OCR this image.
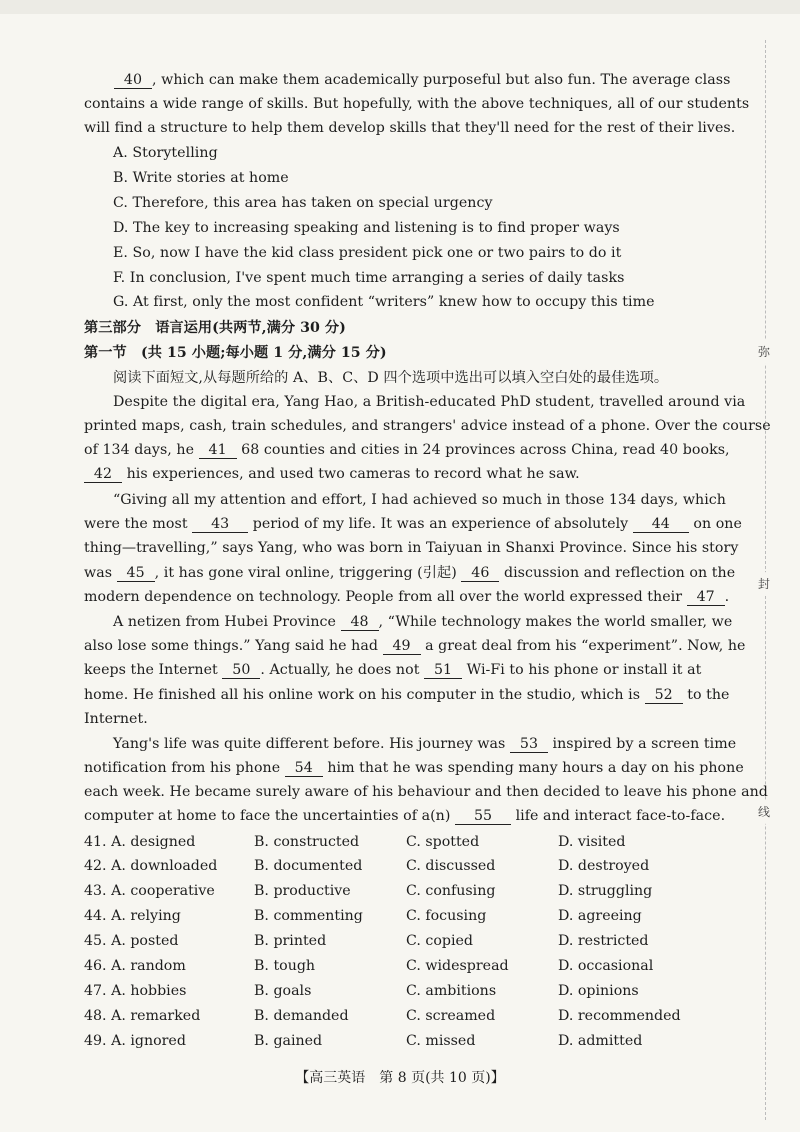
弥
封
线
40 , which can make them academically purposeful but also fun. The average class
contains a wide range of skills. But hopefully, with the above techniques, all of our students
will find a structure to help them develop skills that they'll need for the rest of their lives.
A. Storytelling
B. Write stories at home
C. Therefore, this area has taken on special urgency
D. The key to increasing speaking and listening is to find proper ways
E. So, now I have the kid class president pick one or two pairs to do it
F. In conclusion, I've spent much time arranging a series of daily tasks
G. At first, only the most confident “writers” knew how to occupy this time
第三部分　语言运用(共两节,满分 30 分)
第一节　(共 15 小题;每小题 1 分,满分 15 分)
阅读下面短文,从每题所给的 A、B、C、D 四个选项中选出可以填入空白处的最佳选项。
Despite the digital era, Yang Hao, a British-educated PhD student, travelled around via
printed maps, cash, train schedules, and strangers' advice instead of a phone. Over the course
of 134 days, he 41 68 counties and cities in 24 provinces across China, read 40 books,
42 his experiences, and used two cameras to record what he saw.
“Giving all my attention and effort, I had achieved so much in those 134 days, which
were the most 43 period of my life. It was an experience of absolutely 44 on one
thing—travelling,” says Yang, who was born in Taiyuan in Shanxi Province. Since his story
was 45 , it has gone viral online, triggering (引起) 46 discussion and reflection on the
modern dependence on technology. People from all over the world expressed their 47 .
A netizen from Hubei Province 48 , “While technology makes the world smaller, we
also lose some things.” Yang said he had 49 a great deal from his “experiment”. Now, he
keeps the Internet 50 . Actually, he does not 51 Wi-Fi to his phone or install it at
home. He finished all his online work on his computer in the studio, which is 52 to the
Internet.
Yang's life was quite different before. His journey was 53 inspired by a screen time
notification from his phone 54 him that he was spending many hours a day on his phone
each week. He became surely aware of his behaviour and then decided to leave his phone and
computer at home to face the uncertainties of a(n) 55 life and interact face-to-face.
41. A. designed	B. constructed	C. spotted	D. visited
42. A. downloaded	B. documented	C. discussed	D. destroyed
43. A. cooperative	B. productive	C. confusing	D. struggling
44. A. relying	B. commenting	C. focusing	D. agreeing
45. A. posted	B. printed	C. copied	D. restricted
46. A. random	B. tough	C. widespread	D. occasional
47. A. hobbies	B. goals	C. ambitions	D. opinions
48. A. remarked	B. demanded	C. screamed	D. recommended
49. A. ignored	B. gained	C. missed	D. admitted
【高三英语　第 8 页(共 10 页)】
